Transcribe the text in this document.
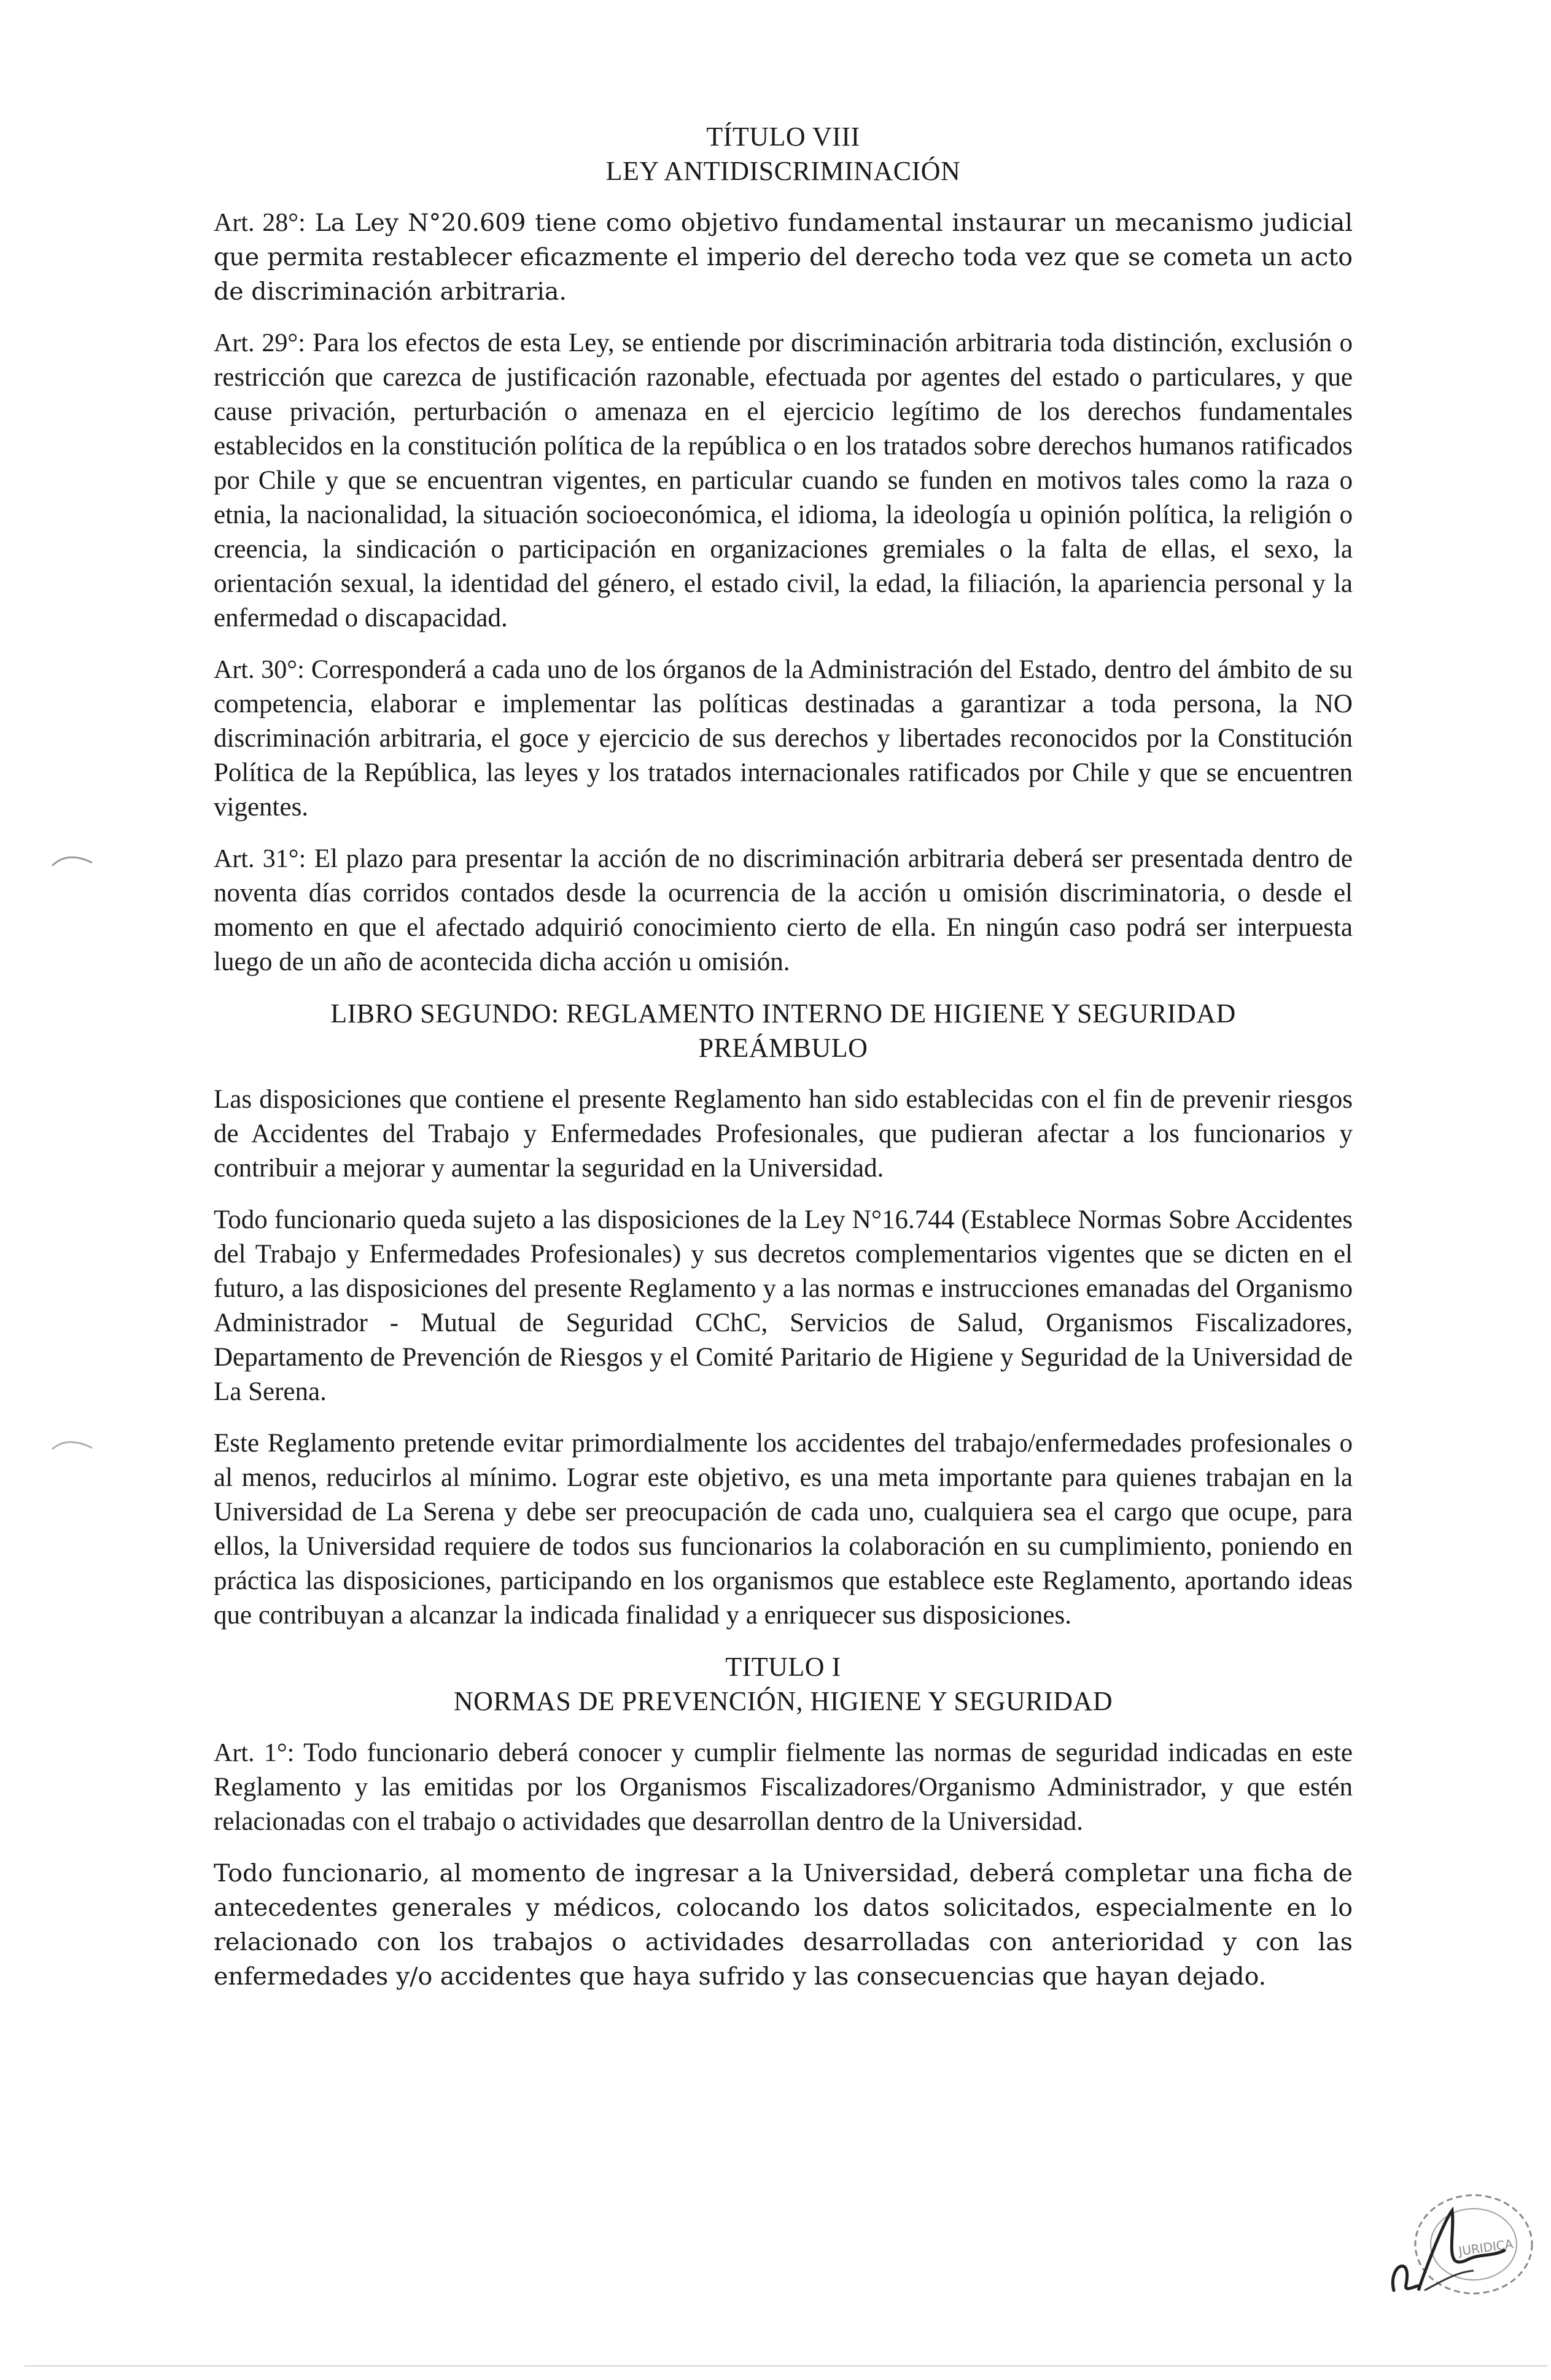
TÍTULO VIII
LEY ANTIDISCRIMINACIÓN

Art. 28°: La Ley N°20.609 tiene como objetivo fundamental instaurar un mecanismo judicial que permita restablecer eficazmente el imperio del derecho toda vez que se cometa un acto de discriminación arbitraria.

Art. 29°: Para los efectos de esta Ley, se entiende por discriminación arbitraria toda distinción, exclusión o restricción que carezca de justificación razonable, efectuada por agentes del estado o particulares, y que cause privación, perturbación o amenaza en el ejercicio legítimo de los derechos fundamentales establecidos en la constitución política de la república o en los tratados sobre derechos humanos ratificados por Chile y que se encuentran vigentes, en particular cuando se funden en motivos tales como la raza o etnia, la nacionalidad, la situación socioeconómica, el idioma, la ideología u opinión política, la religión o creencia, la sindicación o participación en organizaciones gremiales o la falta de ellas, el sexo, la orientación sexual, la identidad del género, el estado civil, la edad, la filiación, la apariencia personal y la enfermedad o discapacidad.

Art. 30°: Corresponderá a cada uno de los órganos de la Administración del Estado, dentro del ámbito de su competencia, elaborar e implementar las políticas destinadas a garantizar a toda persona, la NO discriminación arbitraria, el goce y ejercicio de sus derechos y libertades reconocidos por la Constitución Política de la República, las leyes y los tratados internacionales ratificados por Chile y que se encuentren vigentes.

Art. 31°: El plazo para presentar la acción de no discriminación arbitraria deberá ser presentada dentro de noventa días corridos contados desde la ocurrencia de la acción u omisión discriminatoria, o desde el momento en que el afectado adquirió conocimiento cierto de ella. En ningún caso podrá ser interpuesta luego de un año de acontecida dicha acción u omisión.

LIBRO SEGUNDO: REGLAMENTO INTERNO DE HIGIENE Y SEGURIDAD
PREÁMBULO

Las disposiciones que contiene el presente Reglamento han sido establecidas con el fin de prevenir riesgos de Accidentes del Trabajo y Enfermedades Profesionales, que pudieran afectar a los funcionarios y contribuir a mejorar y aumentar la seguridad en la Universidad.

Todo funcionario queda sujeto a las disposiciones de la Ley N°16.744 (Establece Normas Sobre Accidentes del Trabajo y Enfermedades Profesionales) y sus decretos complementarios vigentes que se dicten en el futuro, a las disposiciones del presente Reglamento y a las normas e instrucciones emanadas del Organismo Administrador - Mutual de Seguridad CChC, Servicios de Salud, Organismos Fiscalizadores, Departamento de Prevención de Riesgos y el Comité Paritario de Higiene y Seguridad de la Universidad de La Serena.

Este Reglamento pretende evitar primordialmente los accidentes del trabajo/enfermedades profesionales o al menos, reducirlos al mínimo. Lograr este objetivo, es una meta importante para quienes trabajan en la Universidad de La Serena y debe ser preocupación de cada uno, cualquiera sea el cargo que ocupe, para ellos, la Universidad requiere de todos sus funcionarios la colaboración en su cumplimiento, poniendo en práctica las disposiciones, participando en los organismos que establece este Reglamento, aportando ideas que contribuyan a alcanzar la indicada finalidad y a enriquecer sus disposiciones.

TITULO I
NORMAS DE PREVENCIÓN, HIGIENE Y SEGURIDAD

Art. 1°: Todo funcionario deberá conocer y cumplir fielmente las normas de seguridad indicadas en este Reglamento y las emitidas por los Organismos Fiscalizadores/Organismo Administrador, y que estén relacionadas con el trabajo o actividades que desarrollan dentro de la Universidad.

Todo funcionario, al momento de ingresar a la Universidad, deberá completar una ficha de antecedentes generales y médicos, colocando los datos solicitados, especialmente en lo relacionado con los trabajos o actividades desarrolladas con anterioridad y con las enfermedades y/o accidentes que haya sufrido y las consecuencias que hayan dejado.

JURIDICA
